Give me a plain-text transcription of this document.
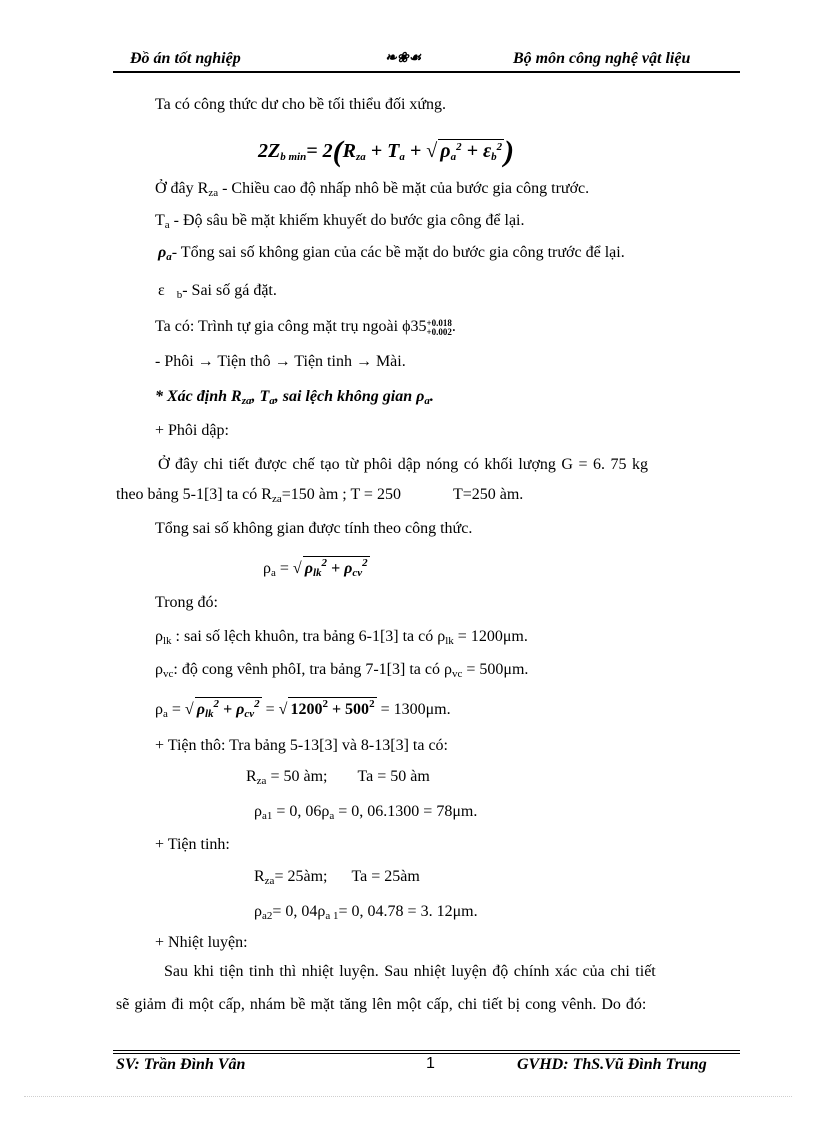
Đồ án tốt nghiệp	❧❀☙	Bộ môn công nghệ vật liệu
Ta có công thức dư cho bề tối thiểu đối xứng.
$2Z_{b min}= 2(R_{za} + T_a$ + √ $\rho_a^2 + \varepsilon_b^2$)
Ở đây $R_{za}$ - Chiều cao độ nhấp nhô bề mặt của bước gia công trước.
$T_a$ - Độ sâu bề mặt khiếm khuyết do bước gia công để lại.
$\rho_a-$ Tổng sai số không gian của các bề mặt do bước gia công trước để lại.
ε $_b$- Sai số gá đặt.
Ta có: Trình tự gia công mặt trụ ngoài ϕ35+0.018
+0.002.
- Phôi → Tiện thô → Tiện tinh → Mài.
* Xác định $R_{za}$, $T_a$, sai lệch không gian $\rho_a$.
+ Phôi dập:
Ở đây chi tiết được chế tạo từ phôi dập nóng có khối lượng G = 6. 75 kg
theo bảng 5-1[3] ta có $R_{za}=150$ àm ; T = 250	T=250 àm.
Tổng sai số không gian được tính theo công thức.
$\rho_a$ = √ $\rho_{lk}^2 + \rho_{cv}^2$
Trong đó:
$\rho_{lk}$ : sai số lệch khuôn, tra bảng 6-1[3] ta có $\rho_{lk} = 1200\mu m$.
$\rho_{vc}$: độ cong vênh phôI, tra bảng 7-1[3] ta có $\rho_{vc} = 500\mu m$.
$\rho_a$ = √ $\rho_{lk}^2 + \rho_{cv}^2$ = √ $1200^2 + 500^2 = 1300\mu m$.
+ Tiện thô: Tra bảng 5-13[3] và 8-13[3] ta có:
$R_{za} = 50$ àm; Ta = 50 àm
$\rho_{a1} = 0$, $06\rho_a = 0$, 06.1300 = 78μm.
+ Tiện tinh:
$R_{za}=$ 25àm; Ta = 25àm
$\rho_{a2}= 0$, $04\rho_{a 1}= 0$, 04.78 = 3. 12μm.
+ Nhiệt luyện:
Sau khi tiện tinh thì nhiệt luyện. Sau nhiệt luyện độ chính xác của chi tiết
sẽ giảm đi một cấp, nhám bề mặt tăng lên một cấp, chi tiết bị cong vênh. Do đó:
SV: Trần Đình Vân	1	GVHD: ThS.Vũ Đình Trung
